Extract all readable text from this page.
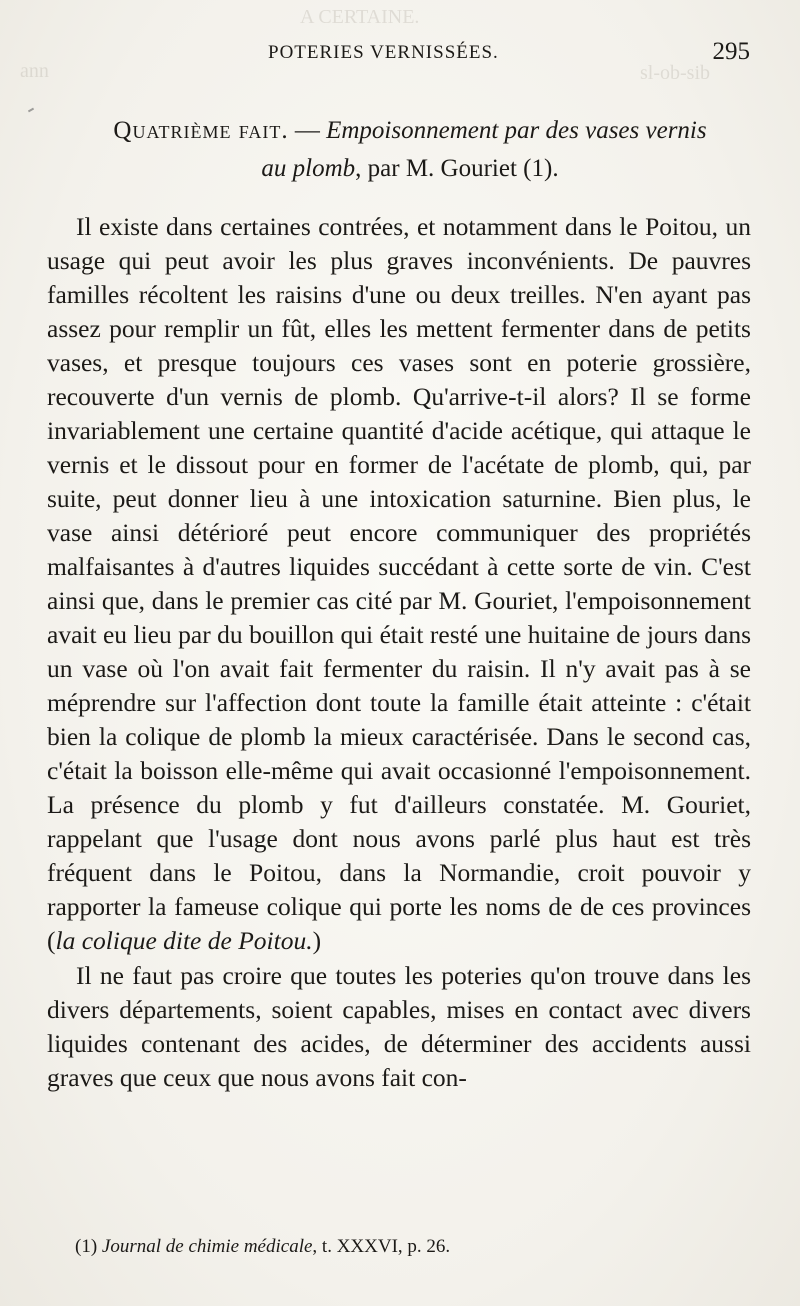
A CERTAINE.
sl-ob-sib
ann
POTERIES VERNISSÉES.	295
Quatrième fait. — Empoisonnement par des vases vernis
au plomb, par M. Gouriet (1).

Il existe dans certaines contrées, et notamment dans le Poitou, un usage qui peut avoir les plus graves inconvénients. De pauvres familles récoltent les raisins d'une ou deux treilles. N'en ayant pas assez pour remplir un fût, elles les mettent fermenter dans de petits vases, et presque toujours ces vases sont en poterie grossière, recouverte d'un vernis de plomb. Qu'arrive-t-il alors? Il se forme invariablement une certaine quantité d'acide acétique, qui attaque le vernis et le dissout pour en former de l'acétate de plomb, qui, par suite, peut donner lieu à une intoxication saturnine. Bien plus, le vase ainsi détérioré peut encore communiquer des propriétés malfaisantes à d'autres liquides succédant à cette sorte de vin. C'est ainsi que, dans le premier cas cité par M. Gouriet, l'empoisonnement avait eu lieu par du bouillon qui était resté une huitaine de jours dans un vase où l'on avait fait fermenter du raisin. Il n'y avait pas à se méprendre sur l'affection dont toute la famille était atteinte : c'était bien la colique de plomb la mieux caractérisée. Dans le second cas, c'était la boisson elle-même qui avait occasionné l'empoisonnement. La présence du plomb y fut d'ailleurs constatée. M. Gouriet, rappelant que l'usage dont nous avons parlé plus haut est très fréquent dans le Poitou, dans la Normandie, croit pouvoir y rapporter la fameuse colique qui porte les noms de de ces provinces (la colique dite de Poitou.)

Il ne faut pas croire que toutes les poteries qu'on trouve dans les divers départements, soient capables, mises en contact avec divers liquides contenant des acides, de déterminer des accidents aussi graves que ceux que nous avons fait con-

(1) Journal de chimie médicale, t. XXXVI, p. 26.
